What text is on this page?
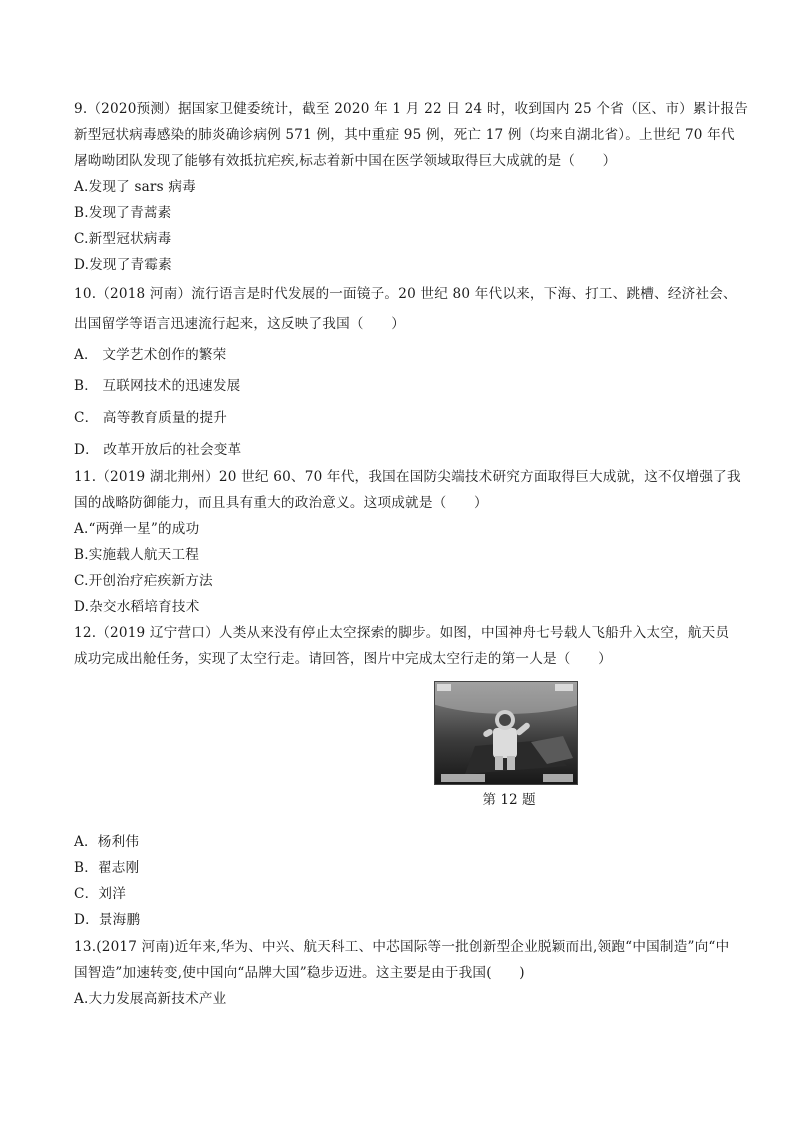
9.（2020预测）据国家卫健委统计，截至 2020 年 1 月 22 日 24 时，收到国内 25 个省（区、市）累计报告
新型冠状病毒感染的肺炎确诊病例 571 例，其中重症 95 例，死亡 17 例（均来自湖北省）。上世纪 70 年代
屠呦呦团队发现了能够有效抵抗疟疾,标志着新中国在医学领域取得巨大成就的是（　　）
A.发现了 sars 病毒
B.发现了青蒿素
C.新型冠状病毒
D.发现了青霉素
10.（2018 河南）流行语言是时代发展的一面镜子。20 世纪 80 年代以来，下海、打工、跳槽、经济社会、
出国留学等语言迅速流行起来，这反映了我国（　　）
A． 文学艺术创作的繁荣
B． 互联网技术的迅速发展
C． 高等教育质量的提升
D． 改革开放后的社会变革
11.（2019 湖北荆州）20 世纪 60、70 年代，我国在国防尖端技术研究方面取得巨大成就，这不仅增强了我
国的战略防御能力，而且具有重大的政治意义。这项成就是（　　）
A.“两弹一星”的成功
B.实施载人航天工程
C.开创治疗疟疾新方法
D.杂交水稻培育技术
12.（2019 辽宁营口）人类从来没有停止太空探索的脚步。如图，中国神舟七号载人飞船升入太空，航天员
成功完成出舱任务，实现了太空行走。请回答，图片中完成太空行走的第一人是（　　）
第 12 题
A．杨利伟
B．翟志刚
C．刘洋
D．景海鹏
13.(2017 河南)近年来,华为、中兴、航天科工、中芯国际等一批创新型企业脱颖而出,领跑“中国制造”向“中
国智造”加速转变,使中国向“品牌大国”稳步迈进。这主要是由于我国(　　)
A.大力发展高新技术产业
